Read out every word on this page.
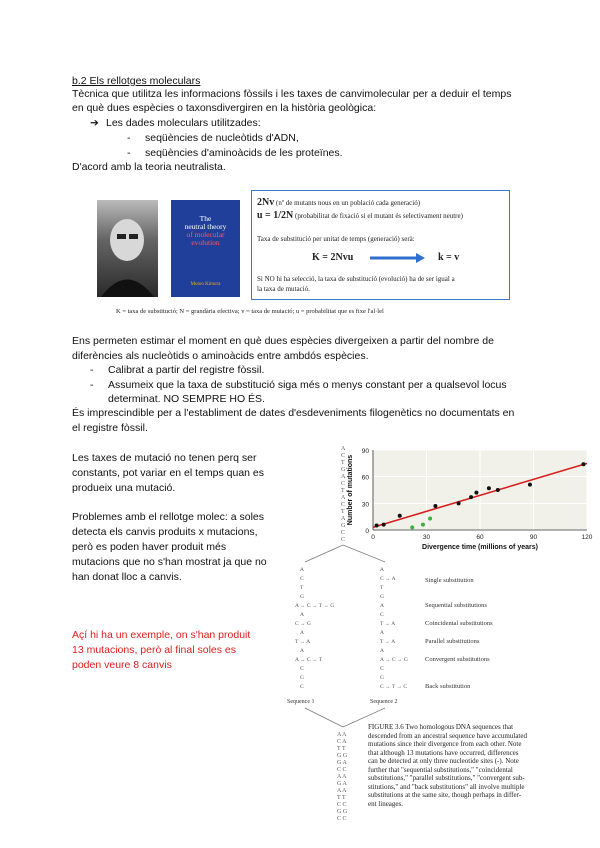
b.2 Els rellotges moleculars
Tècnica que utilitza les informacions fòssils i les taxes de canvimolecular per a deduir el temps
en què dues espècies o taxonsdivergiren en la història geològica:
➔ Les dades moleculars utilitzades:
- seqüències de nucleòtids d'ADN,
- seqüències d'aminoàcids de les proteïnes.
D'acord amb la teoria neutralista.
The
neutral theory
of molecular
evolution
Motoo Kimura
2Nv (nº de mutants nous en un població cada generació)
u = 1/2N (probabilitat de fixació si el mutant és selectivament neutre)
Taxa de substitució per unitat de temps (generació) serà:
K = 2Nvu	k = v
Si NO hi ha selecció, la taxa de substitució (evolució) ha de ser igual a
la taxa de mutació.
K = taxa de substitució; N = grandària efectiva; v = taxa de mutació; u = probabilitat que es fixe l'al·lel
Ens permeten estimar el moment en què dues espècies divergeixen a partir del nombre de
diferències als nucleòtids o aminoàcids entre ambdós espècies.
- Calibrat a partir del registre fòssil.
- Assumeix que la taxa de substitució siga més o menys constant per a qualsevol locus
determinat. NO SEMPRE HO ÉS.
És imprescindible per a l'establiment de dates d'esdeveniments filogenètics no documentats en
el registre fòssil.
Les taxes de mutació no tenen perq ser
constants, pot variar en el temps quan es
produeix una mutació.
Problemes amb el rellotge molec: a soles
detecta els canvis produits x mutacions,
però es poden haver produit més
mutacions que no s'han mostrat ja que no
han donat lloc a canvis.
Açí hi ha un exemple, on s'han produit
13 mutacions, però al final soles es
poden veure 8 canvis
A
C
T
G
A
C
T
A
C
T
A
G
C
C
A
C
T
G
A → C → T → G
A
C → G
A
T → A
A
A → C → T
C
G
C
A
C → A
T
G
A
C
T → A
A
T → A
A
A → C → G
C
G
C → T → C
Single substitution
Sequential substitutions
Coincidental substitutions
Parallel substitutions
Convergent substitutions
Back substitution
Sequence 1	Sequence 2
A A
C A
T T
G G
G A
C C
A A
G A
A A
T T
C C
G G
C C
FIGURE 3.6 Two homologous DNA sequences that
descended from an ancestral sequence have accumulated
mutations since their divergence from each other. Note
that although 13 mutations have occurred, differences
can be detected at only three nucleotide sites (-). Note
further that "sequential substitutions," "coincidental
substitutions," "parallel substitutions," "convergent sub-
stitutions," and "back substitutions" all involve multiple
substitutions at the same site, though perhaps in differ-
ent lineages.
0
30
60
90
0	30	60	90	120
Divergence time (millions of years)
Number of mutations
